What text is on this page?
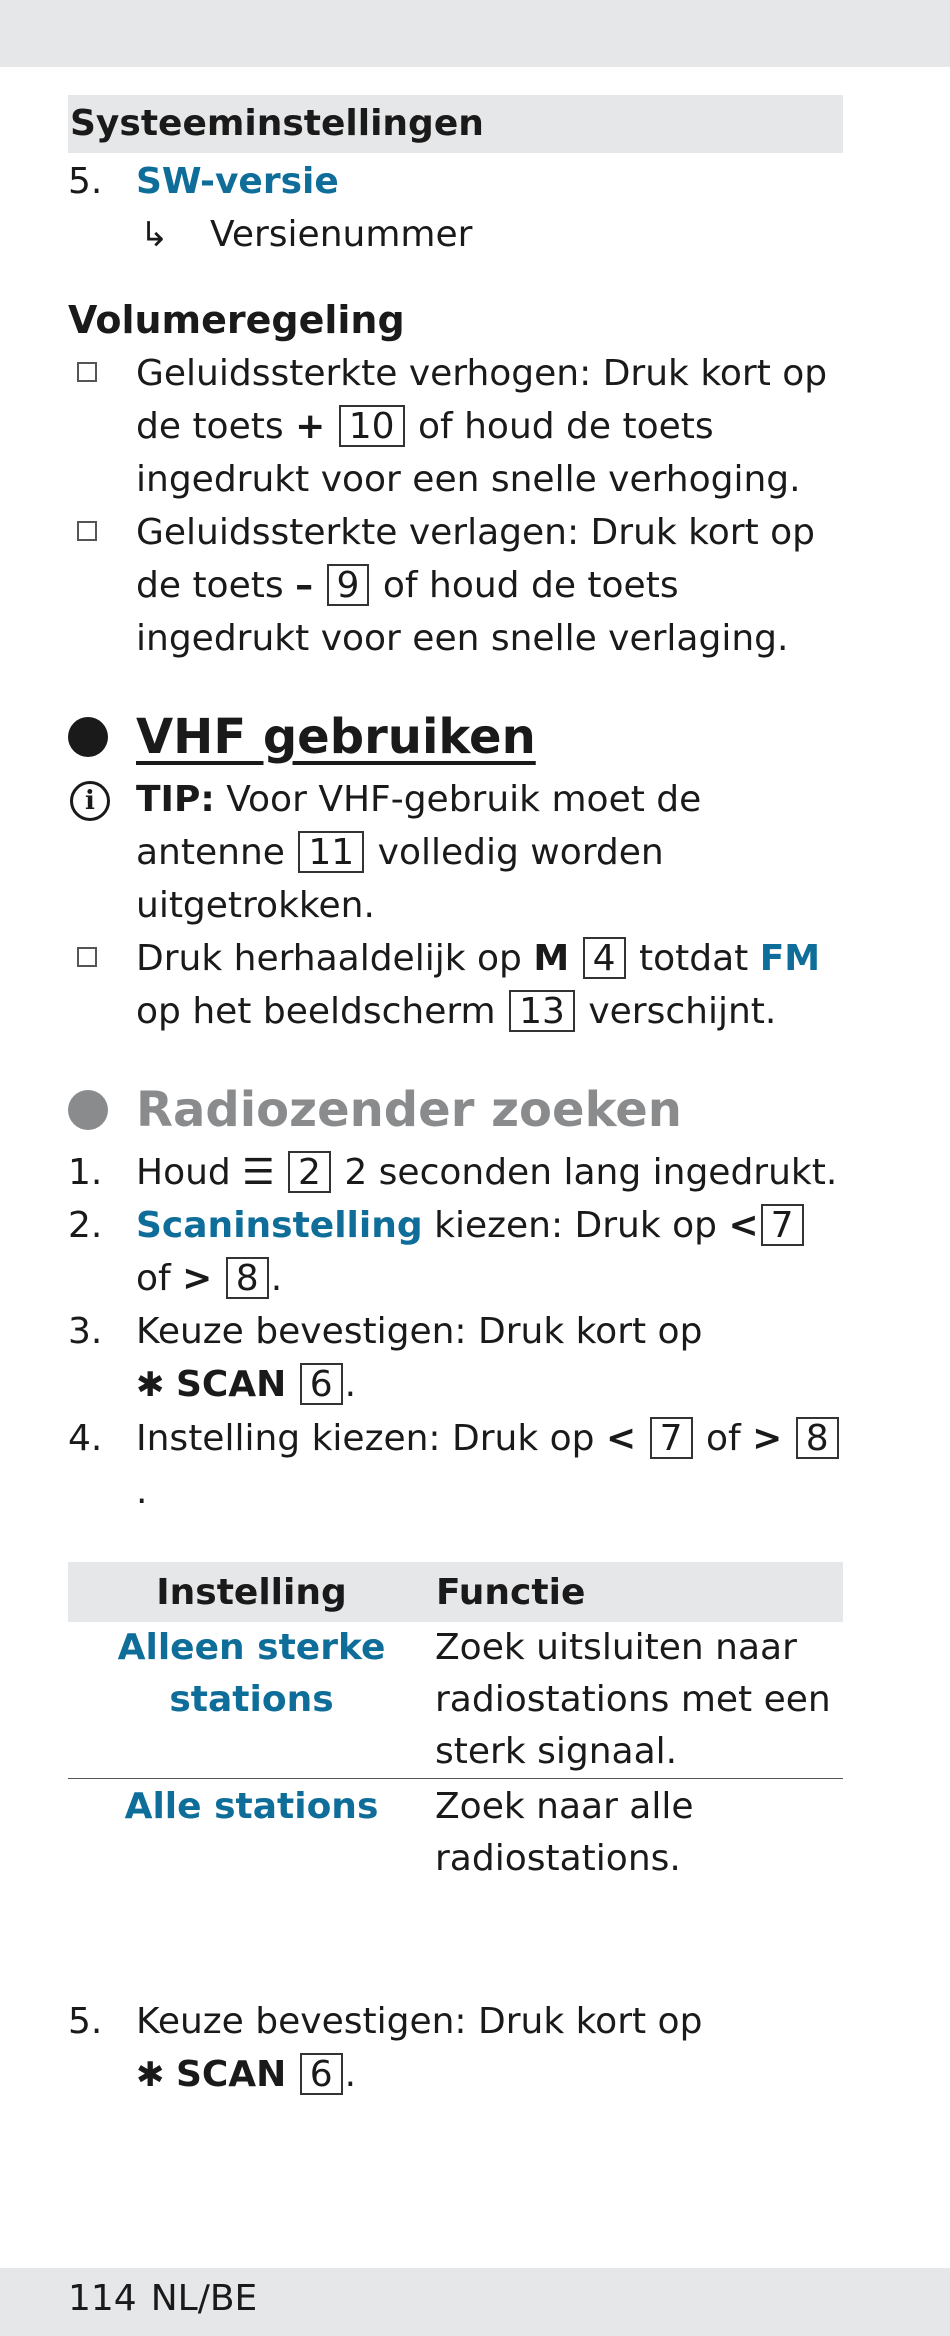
Systeeminstellingen
5. SW-versie
↳	Versienummer
Volumeregeling
Geluidssterkte verhogen: Druk kort op de toets + 10 of houd de toets ingedrukt voor een snelle verhoging.
Geluidssterkte verlagen: Druk kort op de toets – 9 of houd de toets ingedrukt voor een snelle verlaging.
VHF gebruiken
i	TIP: Voor VHF-gebruik moet de antenne 11 volledig worden uitgetrokken.
Druk herhaaldelijk op M 4 totdat FM op het beeldscherm 13 verschijnt.
Radiozender zoeken
1. Houd ☰ 2 2 seconden lang ingedrukt.
2. Scaninstelling kiezen: Druk op < 7 of > 8 .
3. Keuze bevestigen: Druk kort op
✱ SCAN 6 .
4. Instelling kiezen: Druk op < 7 of > 8.
Instelling	Functie
Alleen sterke
stations	Zoek uitsluiten naar radiostations met een sterk signaal.
Alle stations	Zoek naar alle radiostations.
5. Keuze bevestigen: Druk kort op
✱ SCAN 6 .
114 NL/BE
